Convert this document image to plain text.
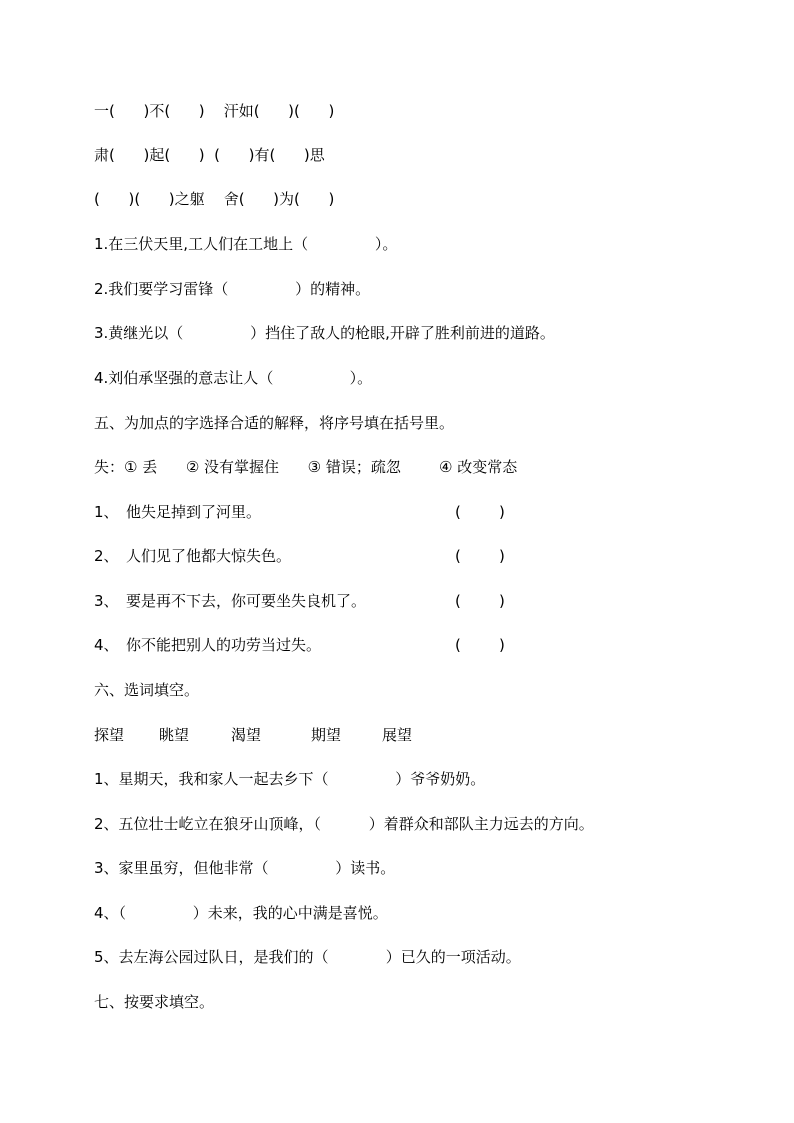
一(      )不(      )    汗如(      )(      )
肃(      )起(      )  (      )有(      )思
(      )(      )之躯    舍(      )为(      )
1.在三伏天里,工人们在工地上（              ）。
2.我们要学习雷锋（              ）的精神。
3.黄继光以（              ）挡住了敌人的枪眼,开辟了胜利前进的道路。
4.刘伯承坚强的意志让人（                ）。
五、为加点的字选择合适的解释，将序号填在括号里。
失：① 丢      ② 没有掌握住      ③ 错误；疏忽        ④ 改变常态
1、 他失足掉到了河里。	(        )
2、 人们见了他都大惊失色。	(        )
3、 要是再不下去，你可要坐失良机了。	(        )
4、 你不能把别人的功劳当过失。	(        )
六、选词填空。
探望 眺望	渴望	期望	展望
1、星期天，我和家人一起去乡下（              ）爷爷奶奶。
2、五位壮士屹立在狼牙山顶峰，（          ）着群众和部队主力远去的方向。
3、家里虽穷，但他非常（              ）读书。
4、（              ）未来，我的心中满是喜悦。
5、去左海公园过队日，是我们的（            ）已久的一项活动。
七、按要求填空。
